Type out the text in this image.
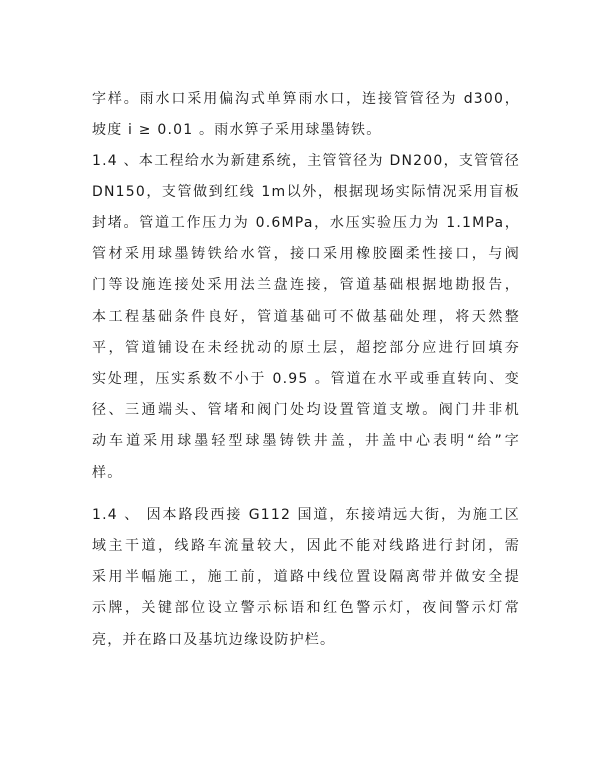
字样。雨水口采用偏沟式单箅雨水口，连接管管径为 d300，
坡度 i ≥ 0.01 。雨水箅子采用球墨铸铁。
1.4 、本工程给水为新建系统，主管管径为 DN200，支管管径
DN150，支管做到红线 1m以外，根据现场实际情况采用盲板
封堵。管道工作压力为 0.6MPa，水压实验压力为 1.1MPa，
管材采用球墨铸铁给水管，接口采用橡胶圈柔性接口，与阀
门等设施连接处采用法兰盘连接，管道基础根据地勘报告，
本工程基础条件良好，管道基础可不做基础处理，将天然整
平，管道铺设在未经扰动的原土层，超挖部分应进行回填夯
实处理，压实系数不小于 0.95 。管道在水平或垂直转向、变
径、三通端头、管堵和阀门处均设置管道支墩。阀门井非机
动车道采用球墨轻型球墨铸铁井盖，井盖中心表明“给”字
样。
1.4 、 因本路段西接 G112 国道，东接靖远大街，为施工区
域主干道，线路车流量较大，因此不能对线路进行封闭，需
采用半幅施工，施工前，道路中线位置设隔离带并做安全提
示牌，关键部位设立警示标语和红色警示灯，夜间警示灯常
亮，并在路口及基坑边缘设防护栏。
